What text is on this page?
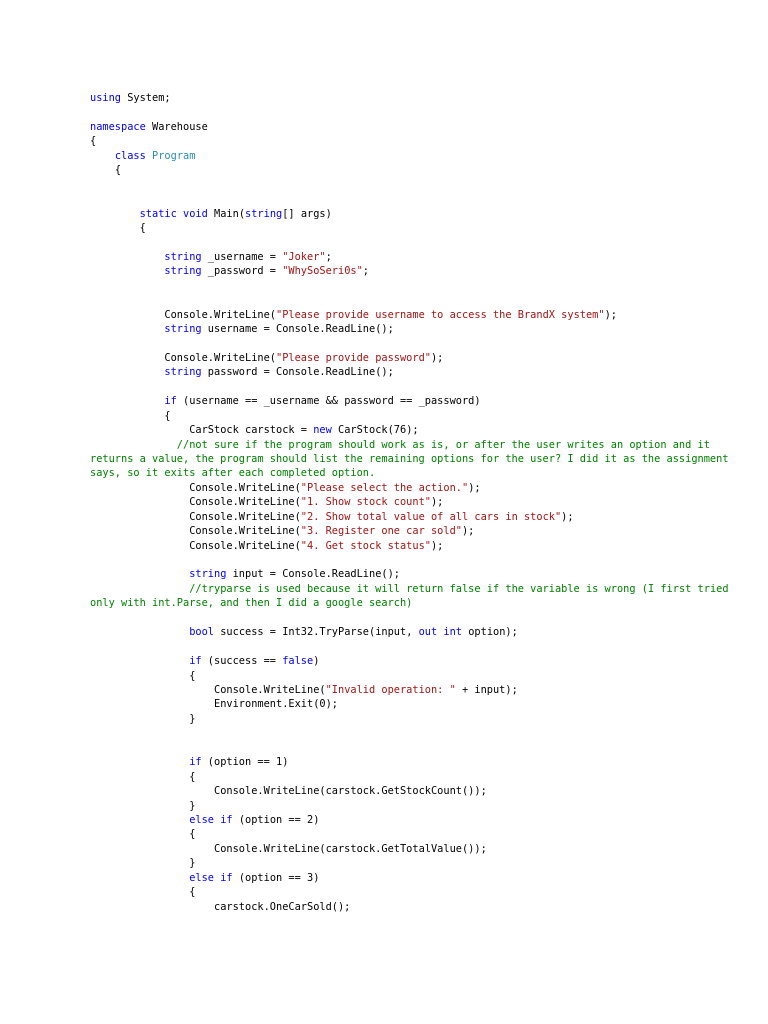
using System;

namespace Warehouse
{
class Program
{

static void Main(string[] args)
{

string _username = "Joker";
string _password = "WhySoSeri0s";

Console.WriteLine("Please provide username to access the BrandX system");
string username = Console.ReadLine();

Console.WriteLine("Please provide password");
string password = Console.ReadLine();

if (username == _username && password == _password)
{
CarStock carstock = new CarStock(76);
//not sure if the program should work as is, or after the user writes an option and it returns a value, the program should list the remaining options for the user? I did it as the assignment says, so it exits after each completed option.
Console.WriteLine("Please select the action.");
Console.WriteLine("1. Show stock count");
Console.WriteLine("2. Show total value of all cars in stock");
Console.WriteLine("3. Register one car sold");
Console.WriteLine("4. Get stock status");

string input = Console.ReadLine();
//tryparse is used because it will return false if the variable is wrong (I first tried only with int.Parse, and then I did a google search)

bool success = Int32.TryParse(input, out int option);

if (success == false)
{
Console.WriteLine("Invalid operation: " + input);
Environment.Exit(0);
}

if (option == 1)
{
Console.WriteLine(carstock.GetStockCount());
}
else if (option == 2)
{
Console.WriteLine(carstock.GetTotalValue());
}
else if (option == 3)
{
carstock.OneCarSold();
